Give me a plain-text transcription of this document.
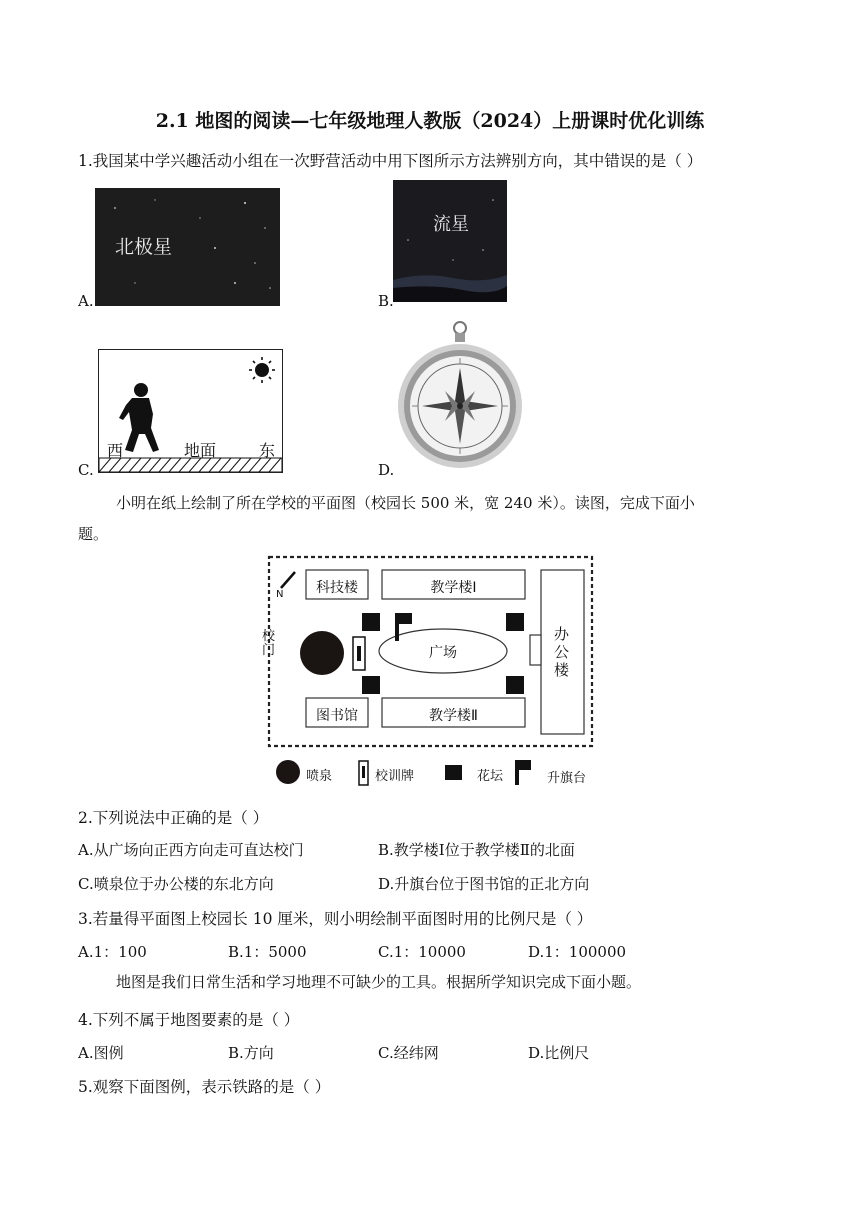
2.1 地图的阅读—七年级地理人教版（2024）上册课时优化训练
1.我国某中学兴趣活动小组在一次野营活动中用下图所示方法辨别方向，其中错误的是（ ）
北极星
A.
流星
B.
西	地面	东
C.	D.
小明在纸上绘制了所在学校的平面图（校园长 500 米，宽 240 米）。读图，完成下面小
题。
N
校门
科技楼	教学楼Ⅰ
图书馆	教学楼Ⅱ
广场
办公楼
喷泉	校训牌	花坛	升旗台
2.下列说法中正确的是（ ）
A.从广场向正西方向走可直达校门	B.教学楼Ⅰ位于教学楼Ⅱ的北面
C.喷泉位于办公楼的东北方向	D.升旗台位于图书馆的正北方向
3.若量得平面图上校园长 10 厘米，则小明绘制平面图时用的比例尺是（ ）
A.1：100	B.1：5000	C.1：10000	D.1：100000
地图是我们日常生活和学习地理不可缺少的工具。根据所学知识完成下面小题。
4.下列不属于地图要素的是（ ）
A.图例	B.方向	C.经纬网	D.比例尺
5.观察下面图例，表示铁路的是（ ）
